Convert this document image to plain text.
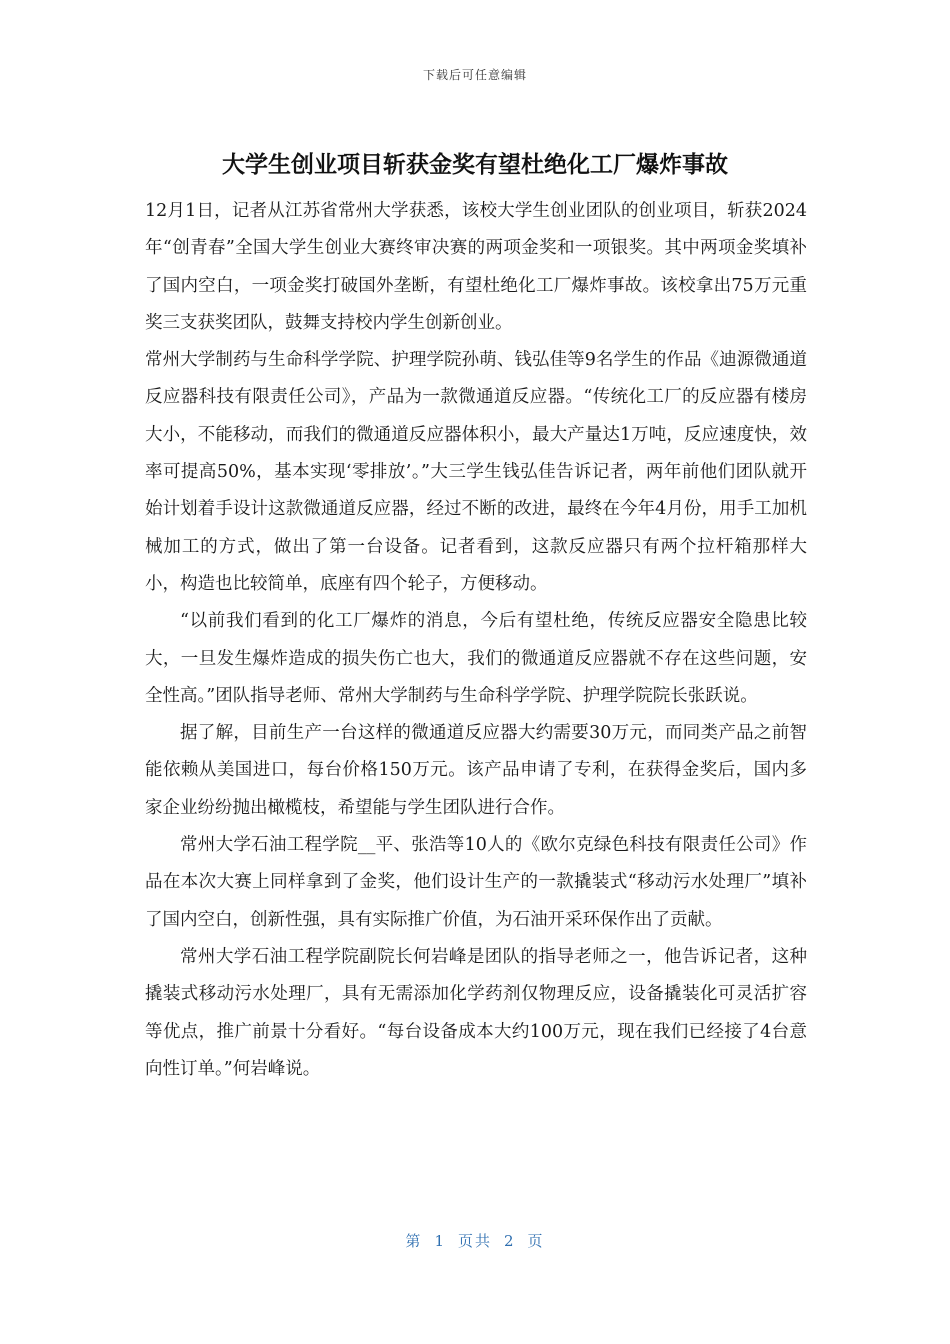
下载后可任意编辑
大学生创业项目斩获金奖有望杜绝化工厂爆炸事故

12月1日，记者从江苏省常州大学获悉，该校大学生创业团队的创业项目，斩获2024年“创青春”全国大学生创业大赛终审决赛的两项金奖和一项银奖。其中两项金奖填补了国内空白，一项金奖打破国外垄断，有望杜绝化工厂爆炸事故。该校拿出75万元重奖三支获奖团队，鼓舞支持校内学生创新创业。

常州大学制药与生命科学学院、护理学院孙萌、钱弘佳等9名学生的作品《迪源微通道反应器科技有限责任公司》，产品为一款微通道反应器。“传统化工厂的反应器有楼房大小，不能移动，而我们的微通道反应器体积小，最大产量达1万吨，反应速度快，效率可提高50%，基本实现‘零排放’。”大三学生钱弘佳告诉记者，两年前他们团队就开始计划着手设计这款微通道反应器，经过不断的改进，最终在今年4月份，用手工加机械加工的方式，做出了第一台设备。记者看到，这款反应器只有两个拉杆箱那样大小，构造也比较简单，底座有四个轮子，方便移动。

“以前我们看到的化工厂爆炸的消息，今后有望杜绝，传统反应器安全隐患比较大，一旦发生爆炸造成的损失伤亡也大，我们的微通道反应器就不存在这些问题，安全性高。”团队指导老师、常州大学制药与生命科学学院、护理学院院长张跃说。

据了解，目前生产一台这样的微通道反应器大约需要30万元，而同类产品之前智能依赖从美国进口，每台价格150万元。该产品申请了专利，在获得金奖后，国内多家企业纷纷抛出橄榄枝，希望能与学生团队进行合作。

常州大学石油工程学院__平、张浩等10人的《欧尔克绿色科技有限责任公司》作品在本次大赛上同样拿到了金奖，他们设计生产的一款撬装式“移动污水处理厂”填补了国内空白，创新性强，具有实际推广价值，为石油开采环保作出了贡献。

常州大学石油工程学院副院长何岩峰是团队的指导老师之一，他告诉记者，这种撬装式移动污水处理厂，具有无需添加化学药剂仅物理反应，设备撬装化可灵活扩容等优点，推广前景十分看好。“每台设备成本大约100万元，现在我们已经接了4台意向性订单。”何岩峰说。

第 1 页共 2 页
